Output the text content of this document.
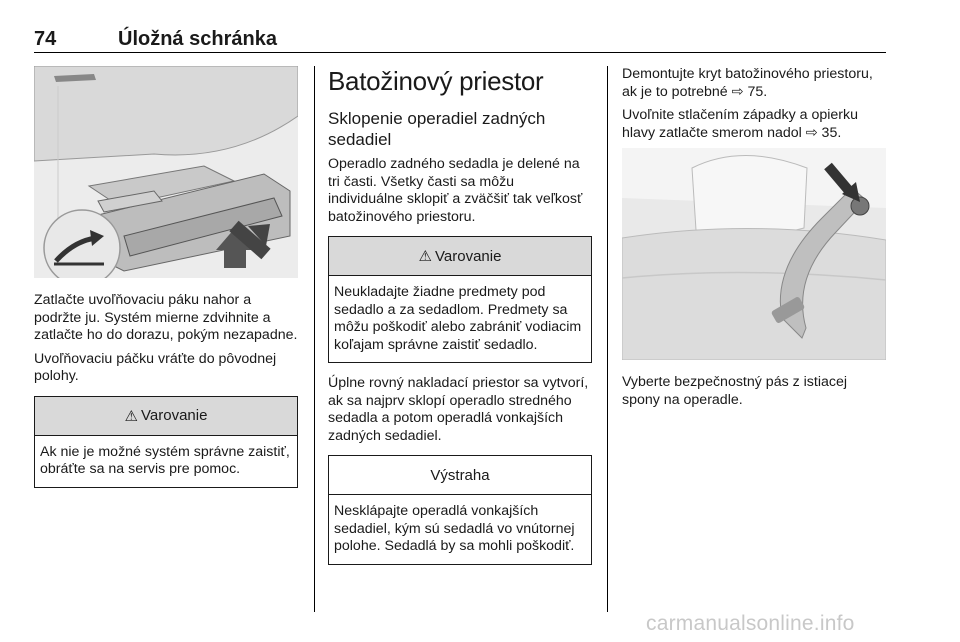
74	Úložná schránka

Zatlačte uvoľňovaciu páku nahor a podržte ju. Systém mierne zdvihnite a zatlačte ho do dorazu, pokým nezapadne.

Uvoľňovaciu páčku vráťte do pôvodnej polohy.

⚠ Varovanie

Ak nie je možné systém správne zaistiť, obráťte sa na servis pre pomoc.

Batožinový priestor
Sklopenie operadiel zadných sedadiel

Operadlo zadného sedadla je delené na tri časti. Všetky časti sa môžu individuálne sklopiť a zväčšiť tak veľkosť batožinového priestoru.

⚠ Varovanie

Neukladajte žiadne predmety pod sedadlo a za sedadlom. Predmety sa môžu poškodiť alebo zabrániť vodiacim koľajam správne zaistiť sedadlo.

Úplne rovný nakladací priestor sa vytvorí, ak sa najprv sklopí operadlo stredného sedadla a potom operadlá vonkajších zadných sedadiel.

Výstraha

Nesklápajte operadlá vonkajších sedadiel, kým sú sedadlá vo vnútornej polohe. Sedadlá by sa mohli poškodiť.

Demontujte kryt batožinového priestoru, ak je to potrebné ⇨ 75.

Uvoľnite stlačením západky a opierku hlavy zatlačte smerom nadol ⇨ 35.

Vyberte bezpečnostný pás z istiacej spony na operadle.

carmanualsonline.info
